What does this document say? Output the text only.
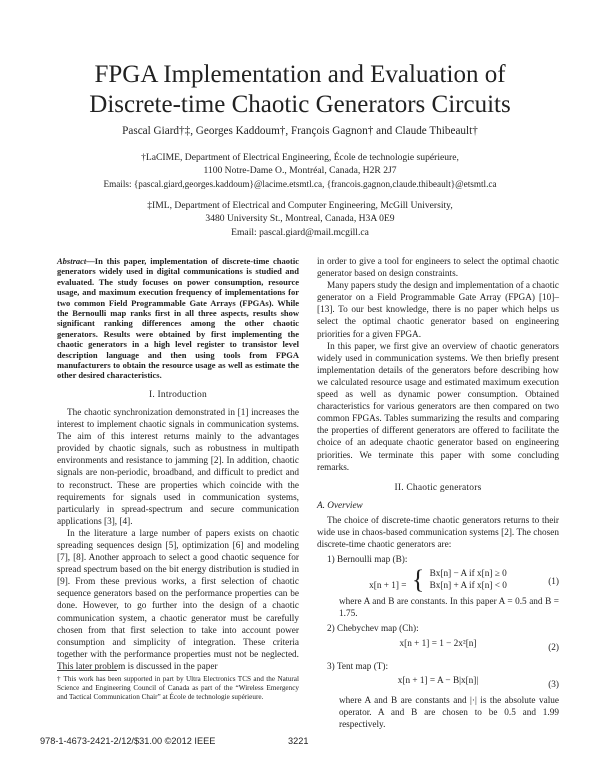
FPGA Implementation and Evaluation of
Discrete-time Chaotic Generators Circuits
Pascal Giard†‡, Georges Kaddoum†, François Gagnon† and Claude Thibeault†
†LaCIME, Department of Electrical Engineering, École de technologie supérieure,
1100 Notre-Dame O., Montréal, Canada, H2R 2J7
Emails: {pascal.giard,georges.kaddoum}@lacime.etsmtl.ca, {francois.gagnon,claude.thibeault}@etsmtl.ca
‡IML, Department of Electrical and Computer Engineering, McGill University,
3480 University St., Montreal, Canada, H3A 0E9
Email: pascal.giard@mail.mcgill.ca

Abstract—In this paper, implementation of discrete-time chaotic generators widely used in digital communications is studied and evaluated. The study focuses on power consumption, resource usage, and maximum execution frequency of implementations for two common Field Programmable Gate Arrays (FPGAs). While the Bernoulli map ranks first in all three aspects, results show significant ranking differences among the other chaotic generators. Results were obtained by first implementing the chaotic generators in a high level register to transistor level description language and then using tools from FPGA manufacturers to obtain the resource usage as well as estimate the other desired characteristics.

I. Introduction

The chaotic synchronization demonstrated in [1] increases the interest to implement chaotic signals in communication systems. The aim of this interest returns mainly to the advantages provided by chaotic signals, such as robustness in multipath environments and resistance to jamming [2]. In addition, chaotic signals are non-periodic, broadband, and difficult to predict and to reconstruct. These are properties which coincide with the requirements for signals used in communication systems, particularly in spread-spectrum and secure communication applications [3], [4].

In the literature a large number of papers exists on chaotic spreading sequences design [5], optimization [6] and modeling [7], [8]. Another approach to select a good chaotic sequence for spread spectrum based on the bit energy distribution is studied in [9]. From these previous works, a first selection of chaotic sequence generators based on the performance properties can be done. However, to go further into the design of a chaotic communication system, a chaotic generator must be carefully chosen from that first selection to take into account power consumption and simplicity of integration. These criteria together with the performance properties must not be neglected. This later problem is discussed in the paper

† This work has been supported in part by Ultra Electronics TCS and the Natural Science and Engineering Council of Canada as part of the “Wireless Emergency and Tactical Communication Chair” at École de technologie supérieure.

in order to give a tool for engineers to select the optimal chaotic generator based on design constraints.

Many papers study the design and implementation of a chaotic generator on a Field Programmable Gate Array (FPGA) [10]–[13]. To our best knowledge, there is no paper which helps us select the optimal chaotic generator based on engineering priorities for a given FPGA.

In this paper, we first give an overview of chaotic generators widely used in communication systems. We then briefly present implementation details of the generators before describing how we calculated resource usage and estimated maximum execution speed as well as dynamic power consumption. Obtained characteristics for various generators are then compared on two common FPGAs. Tables summarizing the results and comparing the properties of different generators are offered to facilitate the choice of an adequate chaotic generator based on engineering priorities. We terminate this paper with some concluding remarks.

II. Chaotic generators
A. Overview

The choice of discrete-time chaotic generators returns to their wide use in chaos-based communication systems [2]. The chosen discrete-time chaotic generators are:

1) Bernoulli map (B):
x[n + 1] = { Bx[n] − A if x[n] ≥ 0
Bx[n] + A if x[n] < 0	(1)
where A and B are constants. In this paper A = 0.5 and B = 1.75.
2) Chebychev map (Ch):
x[n + 1] = 1 − 2x²[n]	(2)
3) Tent map (T):
x[n + 1] = A − B|x[n]|	(3)
where A and B are constants and |·| is the absolute value operator. A and B are chosen to be 0.5 and 1.99 respectively.
978-1-4673-2421-2/12/$31.00 ©2012 IEEE	3221
